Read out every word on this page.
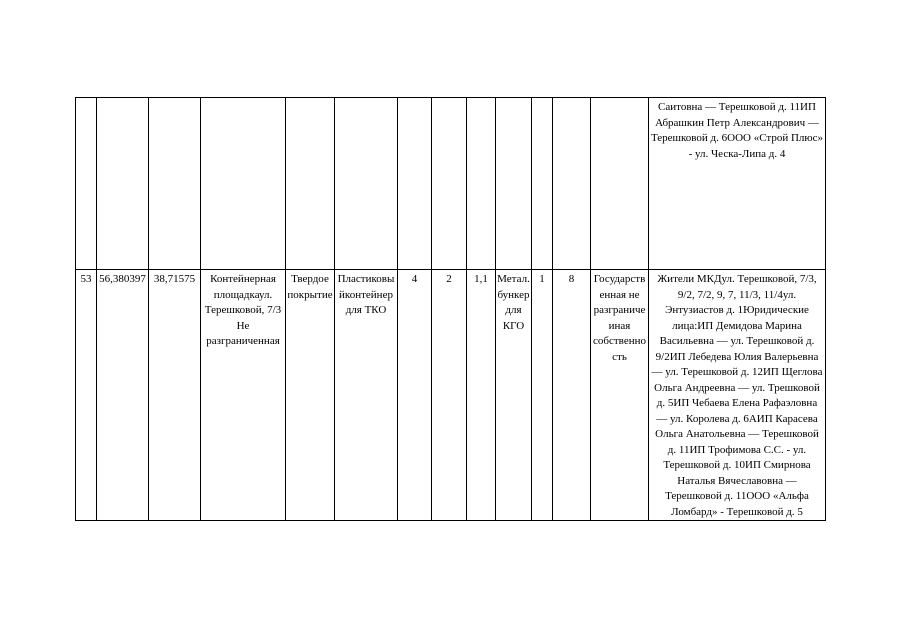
													Саитовна — Терешковой д. 11ИП Абрашкин Петр Александрович — Терешковой д. 6ООО «Строй Плюс» - ул. Ческа-Липа д. 4
53	56,380397	38,71575	Контейнерная площадкаул. Терешковой, 7/3 Не разграниченная	Твердое покрытие	Пластиковы йконтейнер для ТКО	4	2	1,1	Метал. бункер для КГО	1	8	Государств енная не разграниче иная собственно сть	Жители МКДул. Терешковой, 7/3, 9/2, 7/2, 9, 7, 11/3, 11/4ул. Энтузиастов д. 1Юридические лица:ИП Демидова Марина Васильевна — ул. Терешковой д. 9/2ИП Лебедева Юлия Валерьевна — ул. Терешковой д. 12ИП Щеглова Ольга Андреевна — ул. Трешковой д. 5ИП Чебаева Елена Рафаэловна — ул. Королева д. 6АИП Карасева Ольга Анатольевна — Терешковой д. 11ИП Трофимова С.С. - ул. Терешковой д. 10ИП Смирнова Наталья Вячеславовна — Терешковой д. 11ООО «Альфа Ломбард» - Терешковой д. 5
